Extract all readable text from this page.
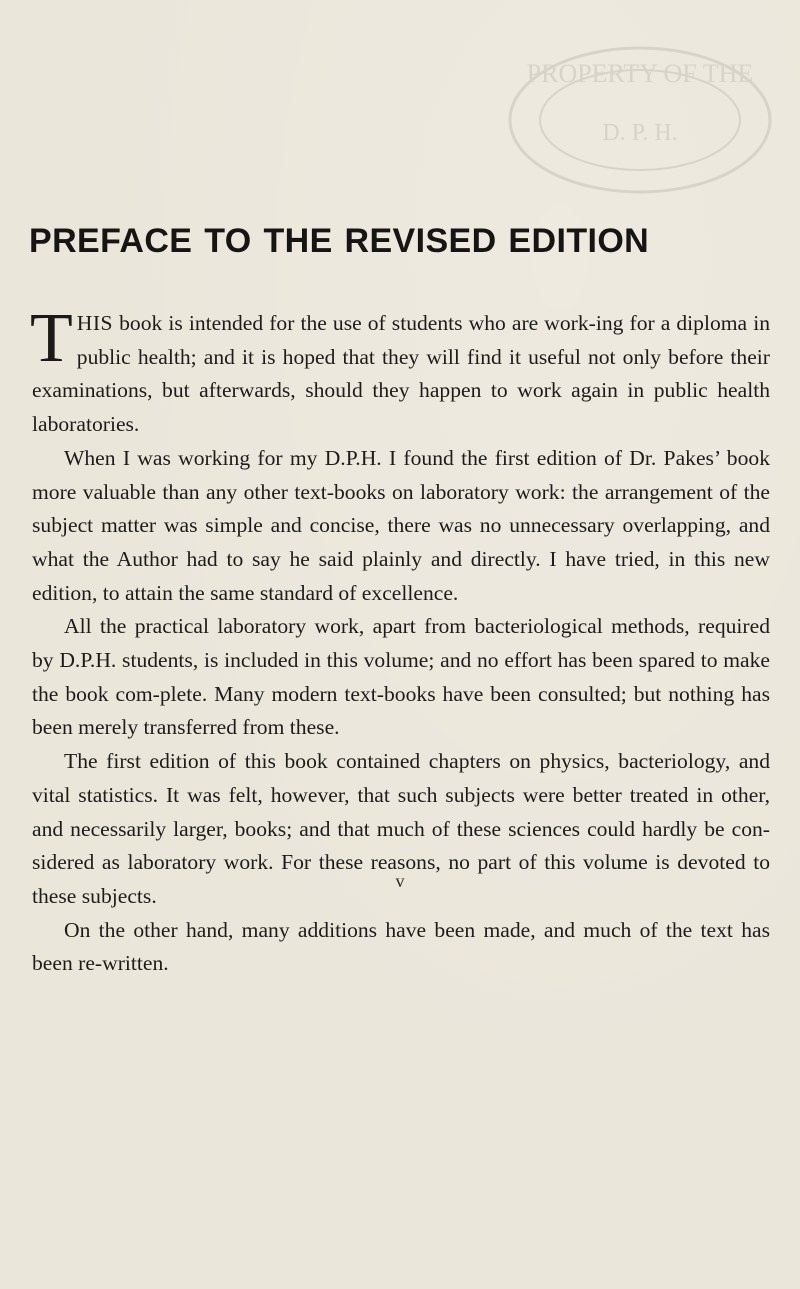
PROPERTY OF THE
D. P. H.
PREFACE TO THE REVISED EDITION

THIS book is intended for the use of students who are work-ing for a diploma in public health; and it is hoped that they will find it useful not only before their examinations, but afterwards, should they happen to work again in public health laboratories.

When I was working for my D.P.H. I found the first edition of Dr. Pakes’ book more valuable than any other text-books on laboratory work: the arrangement of the subject matter was simple and concise, there was no unnecessary overlapping, and what the Author had to say he said plainly and directly. I have tried, in this new edition, to attain the same standard of excellence.

All the practical laboratory work, apart from bacteriological methods, required by D.P.H. students, is included in this volume; and no effort has been spared to make the book com-plete. Many modern text-books have been consulted; but nothing has been merely transferred from these.

The first edition of this book contained chapters on physics, bacteriology, and vital statistics. It was felt, however, that such subjects were better treated in other, and necessarily larger, books; and that much of these sciences could hardly be con-sidered as laboratory work. For these reasons, no part of this volume is devoted to these subjects.

On the other hand, many additions have been made, and much of the text has been re-written.

v
